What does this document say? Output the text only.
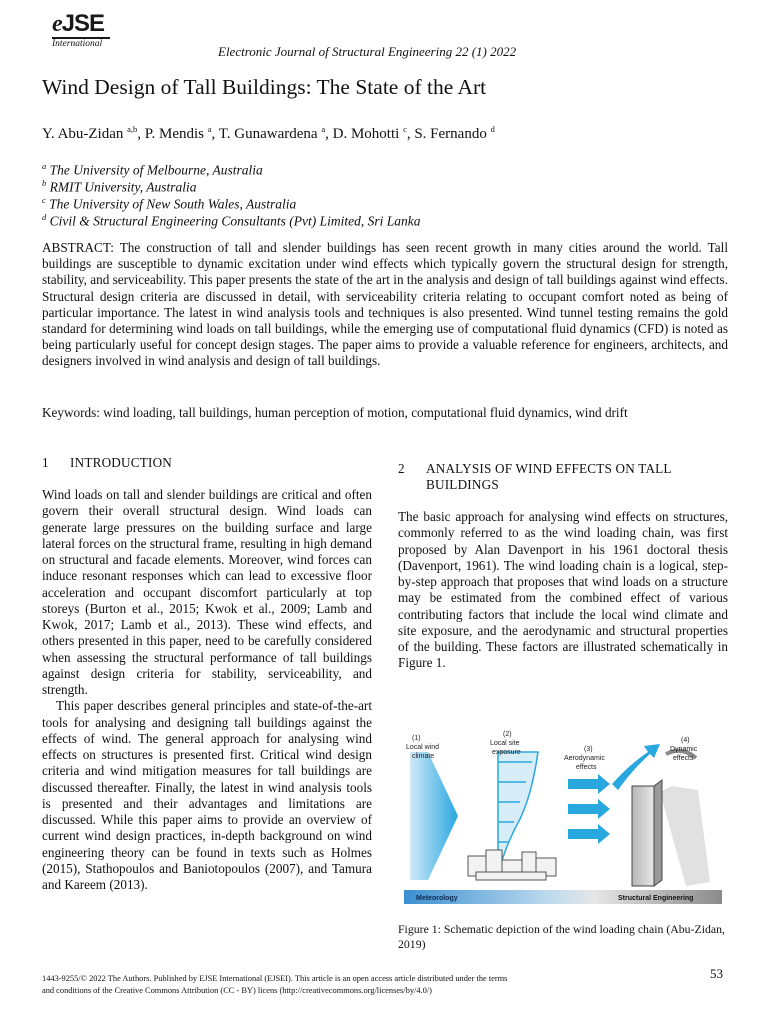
eJSE
International	Electronic Journal of Structural Engineering 22 (1) 2022
Wind Design of Tall Buildings: The State of the Art
Y. Abu-Zidan $^{a,b}$, P. Mendis $^a$, T. Gunawardena $^a$, D. Mohotti $^c$, S. Fernando $^d$
$^a$ The University of Melbourne, Australia
$^b$ RMIT University, Australia
$^c$ The University of New South Wales, Australia
$^d$ Civil & Structural Engineering Consultants (Pvt) Limited, Sri Lanka
ABSTRACT: The construction of tall and slender buildings has seen recent growth in many cities around the world. Tall buildings are susceptible to dynamic excitation under wind effects which typically govern the structural design for strength, stability, and serviceability. This paper presents the state of the art in the analysis and design of tall buildings against wind effects. Structural design criteria are discussed in detail, with serviceability criteria relating to occupant comfort noted as being of particular importance. The latest in wind analysis tools and techniques is also presented. Wind tunnel testing remains the gold standard for determining wind loads on tall buildings, while the emerging use of computational fluid dynamics (CFD) is noted as being particularly useful for concept design stages. The paper aims to provide a valuable reference for engineers, architects, and designers involved in wind analysis and design of tall buildings.
Keywords: wind loading, tall buildings, human perception of motion, computational fluid dynamics, wind drift
1 INTRODUCTION

Wind loads on tall and slender buildings are critical and often govern their overall structural design. Wind loads can generate large pressures on the building surface and large lateral forces on the structural frame, resulting in high demand on structural and facade elements. Moreover, wind forces can induce resonant responses which can lead to excessive floor acceleration and occupant discomfort particularly at top storeys (Burton et al., 2015; Kwok et al., 2009; Lamb and Kwok, 2017; Lamb et al., 2013). These wind effects, and others presented in this paper, need to be carefully considered when assessing the structural performance of tall buildings against design criteria for stability, serviceability, and strength.

This paper describes general principles and state-of-the-art tools for analysing and designing tall buildings against the effects of wind. The general approach for analysing wind effects on structures is presented first. Critical wind design criteria and wind mitigation measures for tall buildings are discussed thereafter. Finally, the latest in wind analysis tools is presented and their advantages and limitations are discussed. While this paper aims to provide an overview of current wind design practices, in-depth background on wind engineering theory can be found in texts such as Holmes (2015), Stathopoulos and Baniotopoulos (2007), and Tamura and Kareem (2013).

2 ANALYSIS OF WIND EFFECTS ON TALL
BUILDINGS

The basic approach for analysing wind effects on structures, commonly referred to as the wind loading chain, was first proposed by Alan Davenport in his 1961 doctoral thesis (Davenport, 1961). The wind loading chain is a logical, step-by-step approach that proposes that wind loads on a structure may be estimated from the combined effect of various contributing factors that include the local wind climate and site exposure, and the aerodynamic and structural properties of the building. These factors are illustrated schematically in Figure 1.

(1)
Local wind
climate
(2)
Local site
exposure	(3)
Aerodynamic
effects
(4)
Dynamic
effects
Meteorology	Structural Engineering
Figure 1: Schematic depiction of the wind loading chain (Abu-Zidan, 2019)
1443-9255/© 2022 The Authors. Published by EJSE International (EJSEI). This article is an open access article distributed under the terms
and conditions of the Creative Commons Attribution (CC - BY) licens (http://creativecommons.org/licenses/by/4.0/)
53
